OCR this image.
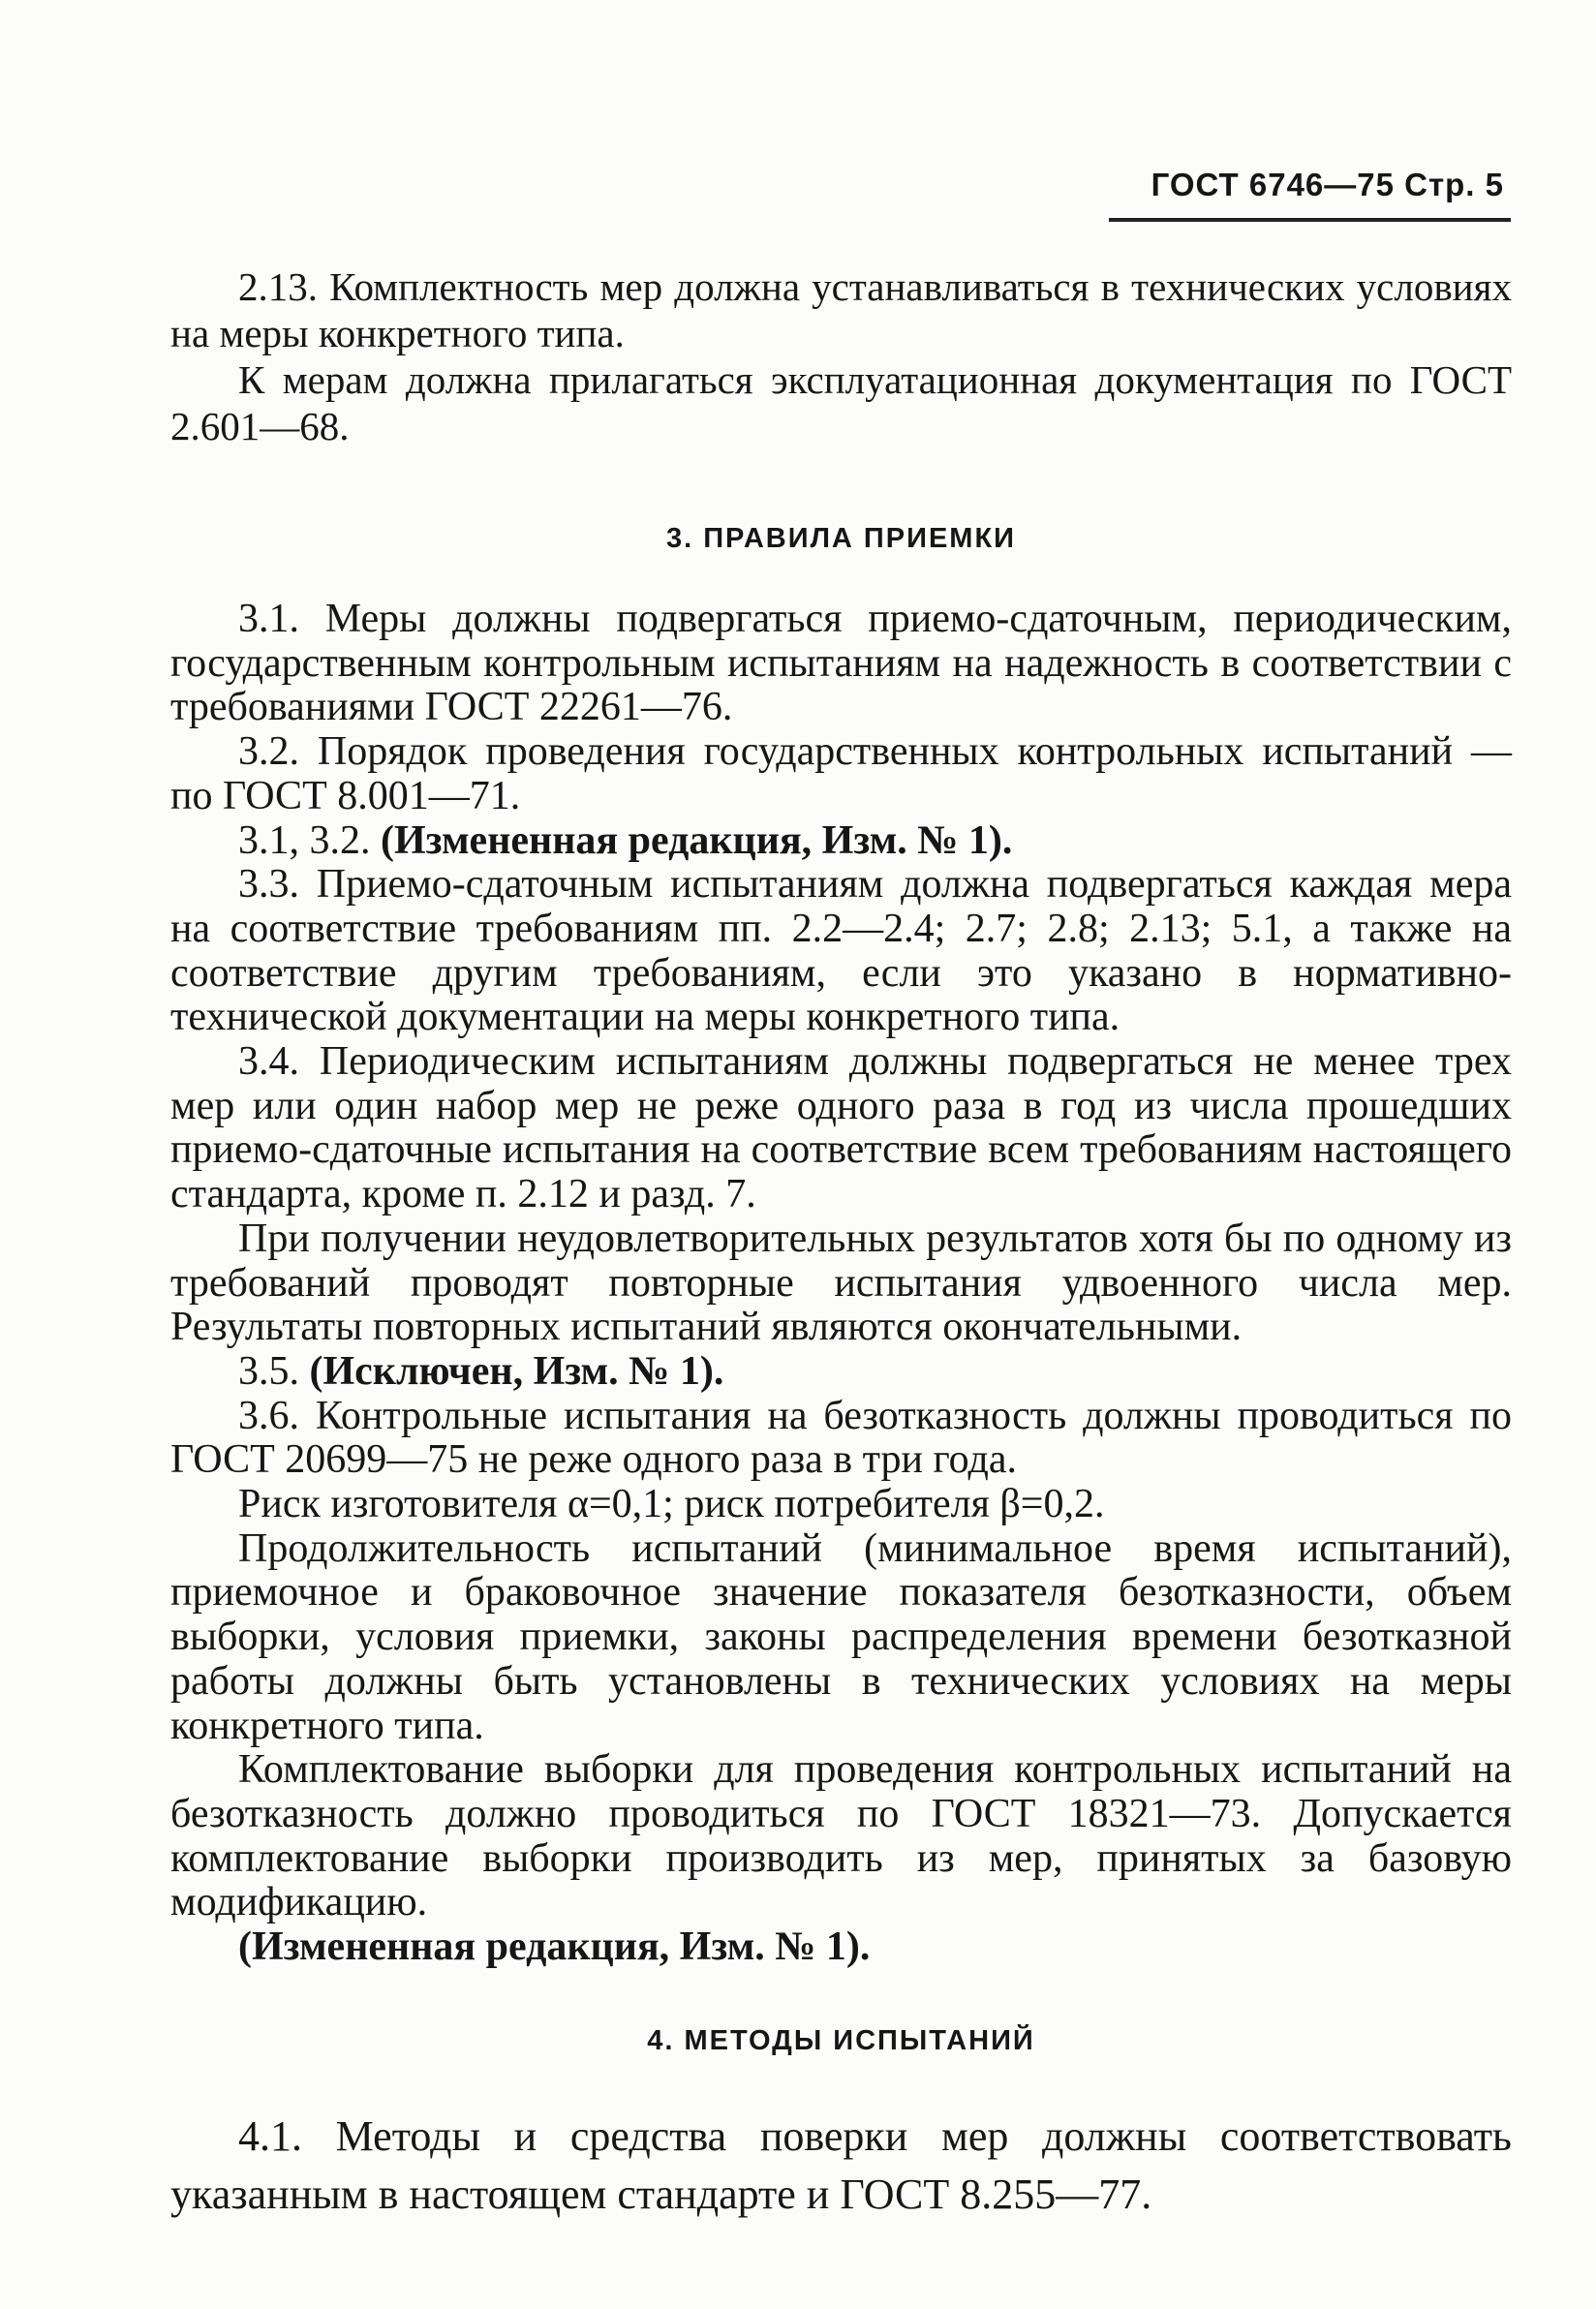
ГОСТ 6746—75 Стр. 5

2.13. Комплектность мер должна устанавливаться в технических условиях на меры конкретного типа.

К мерам должна прилагаться эксплуатационная документация по ГОСТ 2.601—68.

3. ПРАВИЛА ПРИЕМКИ

3.1. Меры должны подвергаться приемо-сдаточным, периодическим, государственным контрольным испытаниям на надежность в соответствии с требованиями ГОСТ 22261—76.

3.2. Порядок проведения государственных контрольных испытаний — по ГОСТ 8.001—71.

3.1, 3.2. (Измененная редакция, Изм. № 1).

3.3. Приемо-сдаточным испытаниям должна подвергаться каждая мера на соответствие требованиям пп. 2.2—2.4; 2.7; 2.8; 2.13; 5.1, а также на соответствие другим требованиям, если это указано в нормативно-технической документации на меры конкретного типа.

3.4. Периодическим испытаниям должны подвергаться не менее трех мер или один набор мер не реже одного раза в год из числа прошедших приемо-сдаточные испытания на соответствие всем требованиям настоящего стандарта, кроме п. 2.12 и разд. 7.

При получении неудовлетворительных результатов хотя бы по одному из требований проводят повторные испытания удвоенного числа мер. Результаты повторных испытаний являются окончательными.

3.5. (Исключен, Изм. № 1).

3.6. Контрольные испытания на безотказность должны проводиться по ГОСТ 20699—75 не реже одного раза в три года.

Риск изготовителя α=0,1; риск потребителя β=0,2.

Продолжительность испытаний (минимальное время испытаний), приемочное и браковочное значение показателя безотказности, объем выборки, условия приемки, законы распределения времени безотказной работы должны быть установлены в технических условиях на меры конкретного типа.

Комплектование выборки для проведения контрольных испытаний на безотказность должно проводиться по ГОСТ 18321—73. Допускается комплектование выборки производить из мер, принятых за базовую модификацию.

(Измененная редакция, Изм. № 1).

4. МЕТОДЫ ИСПЫТАНИЙ

4.1. Методы и средства поверки мер должны соответствовать указанным в настоящем стандарте и ГОСТ 8.255—77.
